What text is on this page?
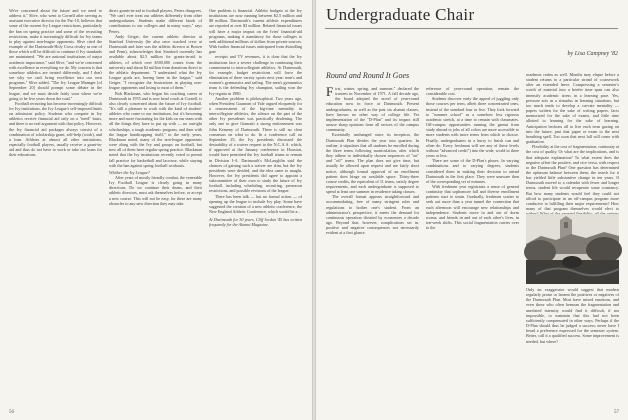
We're concerned about the future and we need to address it," Slive, who went to Cornell after serving as assistant executive director for the Pac-10, believes that some of the current Ivy League restrictions, particularly the ban on spring practice and some of the recruiting restrictions, make it increasingly difficult for Ivy teams to play against non-league opponents. Slive cited the example of the Dartmouth-Holy Cross rivalry as one of those which will be difficult to continue if Ivy standards are maintained. "We are national institutions of major academic importance," said Slive, "and we're concerned with excellence in everything we do. My concern is that somehow athletics are treated differently, and I don't see why we can't bring excellence into our own programs." Slive added, "The Ivy League Manager [of September 20] should prompt some debate in the league, and we must decide fairly soon where we're going to be five years down the road."

Football recruiting has become increasingly difficult for Ivy institutions, the Ivy League's self-imposed limits on admission policy. Students who compete in Ivy athletics receive financial aid only on a "need" basis, and there is no real argument with that policy. However, the Ivy financial aid packages always consist of a combination of scholarship grant, self-help (work), and a loan. Athletes at almost all other institutions, especially football players, usually receive a grant-in-aid and thus do not have to work or take out loans for their educations.

direct grants-in-aid to football players, Peters disagrees. "We can't ever treat our athletes differently from other undergraduates. Students make different kinds of contributions to our colleges and in many ways," says Peters.

Andy Geiger, the current athletic director at Stanford University (he also once coached crew at Dartmouth and later was the athletic director at Brown and Penn), acknowledges that Stanford currently has available about $2.5 million for grants-in-aid to athletes, of which over $500,000 comes from the university and about $2 million from donations direct to the athletic department. "I understand what the Ivy League goals are, having been in the league," said Geiger. "I recognize the frustrations in playing non-league opponents and losing to most of them."

Bob Blackman, who began his coaching career at Dartmouth in 1955 and is now head coach at Cornell, is also clearly concerned about the future of Ivy football. "It's still a pleasure to work with the kind of student-athletes who come to our institutions, but it's becoming more and more frustrating for the kids on our team with all the things they have to put up with — no outright scholarships, a tough academic program, and then with the league handicapping itself," in the early years, Blackman noted, many of the non-league opponents were along with the Ivy and groups on football, but now all of them have regular spring practice. Blackman noted that the Ivy institutions recently voted to permit fall practice for basketball and lacrosse, while staying with the ban against spring football workouts.

Whither the Ivy League?

After years of mostly friendly combat, the venerable Ivy Football League is clearly going in many directions. Do we continue their deans, and their athletic directors, must ask themselves before, or accept a new course. This will not be easy, for there are many obstacles to any new direction they may take.

One problem is financial. Athletic budgets at the Ivy institutions are now running between $2.5 million and $8 million. Dartmouth's current athletic expenditures are reported at over $3 million. Related financial issues will have a major impact on the Ivies' financial-aid programs, making it mandatory for those colleges to seek additional millions of dollars from private sources. With further financial issues anticipated from dwindling gate

receipts and TV revenues, it is clear that the Ivy institutions face a severe challenge in continuing their commitment to intercollegiate athletics. At Dartmouth, for example, budget restrictions will force the elimination of three varsity sports next year: men's and women's gymnastics and sailing. The men's gymnastics team is the defending Ivy champion, sailing won the Ivy regatta in 1980.

Another problem is philosophical. Two years ago, when President Gaumont of Yale argued eloquently for a reassessment of the big-time mentality in intercollegiate athletics, the silence on the part of the other Ivy presidents was practically deafening. The only one to give Giamatti a strong endorsement was John Kemeny of Dartmouth. There is still no clear consensus on what to do. In a conference call on September 25, the Ivy presidents discussed the desirability of a waiver request to the N.C.A.A. which, if approved at the January conference in Houston, would have permitted the Ivy football teams to remain in Division I-A. Dartmouth's McLaughlin said the chances of gaining such a waiver are slim, but the Ivy presidents were divided, and the idea came to naught. However, the Ivy presidents did agree to appoint a subcommittee of their own to study the future of Ivy football, including scheduling, recruiting, preseason restrictions, and possible revisions of the league.

There has been talk — but no formal action — of opening up the league to include Ivy play. Some have suggested the creation of a new athletic conference, the New England Athletic Conference, which would be a...

At Dartmouth for 30 years, Cliff Jordan '45 has written frequently for the Alumni Magazine.

56
Undergraduate Chair
by Lisa Campney '82
Round and Round It Goes

First, winter, spring, and summer," declared the trustees in November of 1971. A fall decade ago, the board adopted the novel of year-round education now in force at Dartmouth. Present undergraduates, as well as the past six alumni classes, have known no other way of college life. Yet implementation of the "D-Plan" and its impact still arouse sharp opinions from all sectors of the campus community.

Essentially unchanged since its inception, the Dartmouth Plan divides the year into quarters. In outline, it stipulates that all students be enrolled during the three terms following matriculation, after which they adhere to individually chosen sequences of "on" and "off" terms. The plan does not give time, but usually be allowed upon request and are fairly short notice, although formal approval of an enrollment pattern does hinge on available space. Thirty-three course credits, the equivalent of 11 terms, satisfy degree requirements, and each undergraduate is supposed to spend at least one summer in residence taking classes.

The overall format appears straightforward and accommodating, free of many stringent rules and regulations to bother one's student. From an administrator's perspective, it meets the demand for continuous operation dictated by economies a decade ago. Beyond that, however, complications set in, positive and negative consequences not necessarily evident at a first glance.

reference of year-round operation, remain the considerable cost.

Students discover early the appeal of juggling only those courses per term, albeit three concentrated ones, instead of the standard four or five. They look forward to "summer school" as a somehow less rigorous academic stretch, at a time to remain with classmates. Off-campus opportunities running the gamut from study abroad to jobs of all colors are more accessible to more students with more terms from which to choose. Finally, undergraduates in a hurry to finish can and often do. Every freshman will see any of these levels without "advanced credit") into the wide, world in three years or less.

There are some of the D-Plan's pluses. In varying combinations and to varying degrees, students considered them in making their decision to attend Dartmouth in the first place. They were unaware then of the corresponding set of minuses.

With freshmen year registrants a sense of general continuity that sophomore fall and diverse enrollment patterns start to strain. Gradually, freshmen scatter to seek out more than a year tunnel the connection that each afternoon will encourage new relationships and independence. Students move in and out of dorm rooms, and friends in and out of each other's lives, in ten-week shifts. This social fragmentation carries over to the

academic realm as well. Months may elapse before a student returns to a particular strand of coursework after an extended leave. Compressing a semester's worth of material into a briefer time span can also intensify academic stress in a learning pace. Yes, pressure acts as a stimulus in learning situations, but too much tends to develop a cut-rate mentality — papers written for the sake of writing papers, facts memorized for the sake of exams, and little time allotted to learning for the sake of learning. Anticipation beckons all to live each term gazing on into the future, past that paper or exam to the next breathing spell. Too soon that next lull will come with graduation.

Flexibility at the cost of fragmentation, continuity at the cost of quality. Or what are the implications, and is that adequate explanation? To what extent does the negative offset the positive, and vice versa, with respect to the Dartmouth Plan? One question has determined the optimum balance between them; the search for it has yielded little substantive change in ten years. If Dartmouth moved to a calendar with fewer and longer terms, student life would recuperate some constancy. But how many students would feel they could not afford to participate in an off-campus program more conducive to fulfilling their major requirements? How many of that program themselves would elect to

Only an exaggerator would suggest that modern regularly praise or lament the positives or negatives of the Dartmouth Plan. Most have mixed emotions, and even those who often bemoan the fragmentation and unrelated intensity would find it difficult, if not impossible, to maintain that this had not been sufficiently compensated in other ways. Perhaps if the D-Plan should thus be judged a success; never have I heard a preference expressed for the semester system. Better, call it a qualified success. Some improvement is needed, but where?

57
